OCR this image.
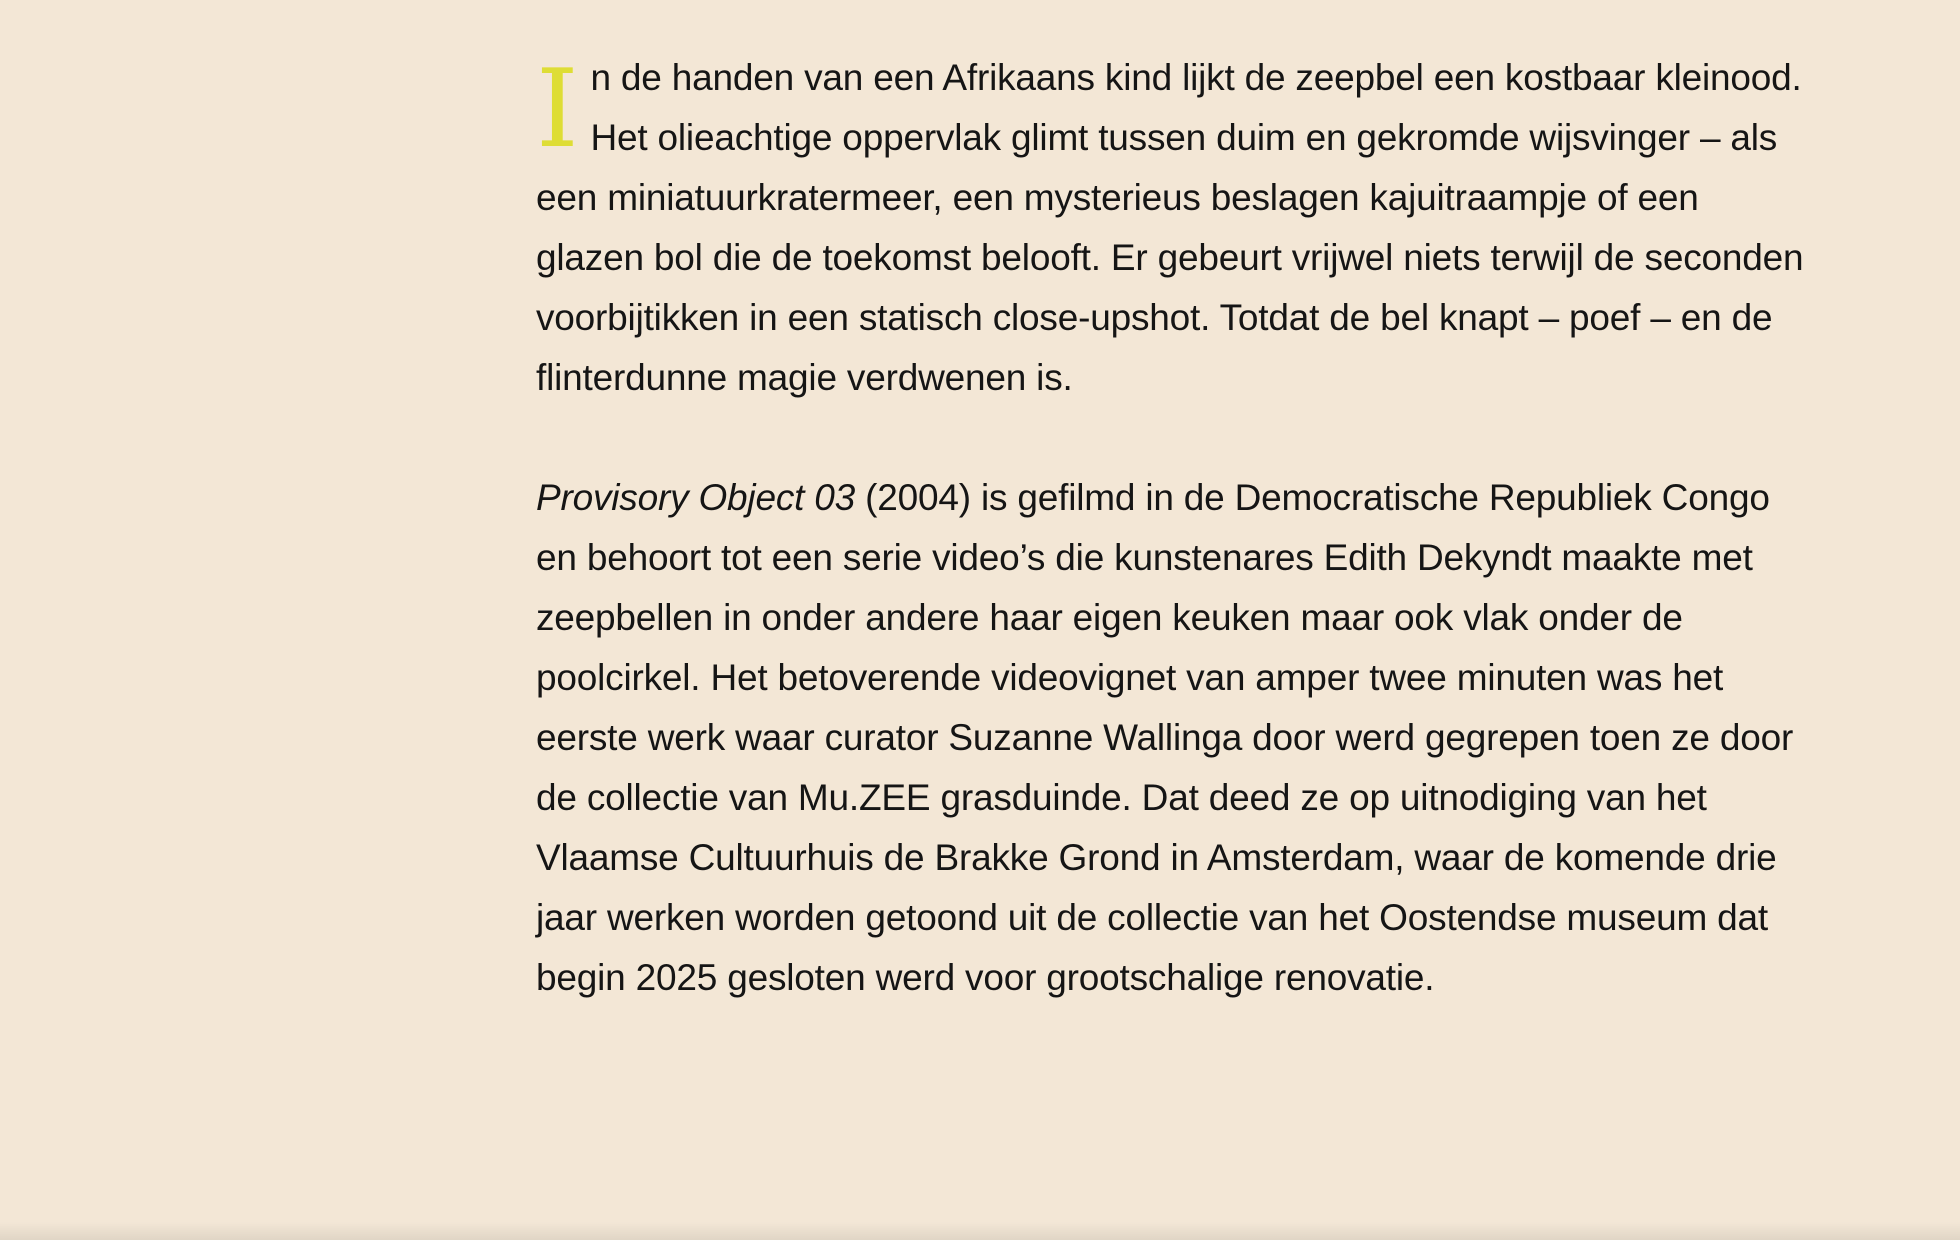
In de handen van een Afrikaans kind lijkt de zeepbel een kostbaar kleinood. Het olieachtige oppervlak glimt tussen duim en gekromde wijsvinger – als een miniatuurkratermeer, een mysterieus beslagen kajuitraampje of een glazen bol die de toekomst belooft. Er gebeurt vrijwel niets terwijl de seconden voorbijtikken in een statisch close-upshot. Totdat de bel knapt – poef – en de flinterdunne magie verdwenen is.

Provisory Object 03 (2004) is gefilmd in de Democratische Republiek Congo en behoort tot een serie video’s die kunstenares Edith Dekyndt maakte met zeepbellen in onder andere haar eigen keuken maar ook vlak onder de poolcirkel. Het betoverende videovignet van amper twee minuten was het eerste werk waar curator Suzanne Wallinga door werd gegrepen toen ze door de collectie van Mu.ZEE grasduinde. Dat deed ze op uitnodiging van het Vlaamse Cultuurhuis de Brakke Grond in Amsterdam, waar de komende drie jaar werken worden getoond uit de collectie van het Oostendse museum dat begin 2025 gesloten werd voor grootschalige renovatie.
